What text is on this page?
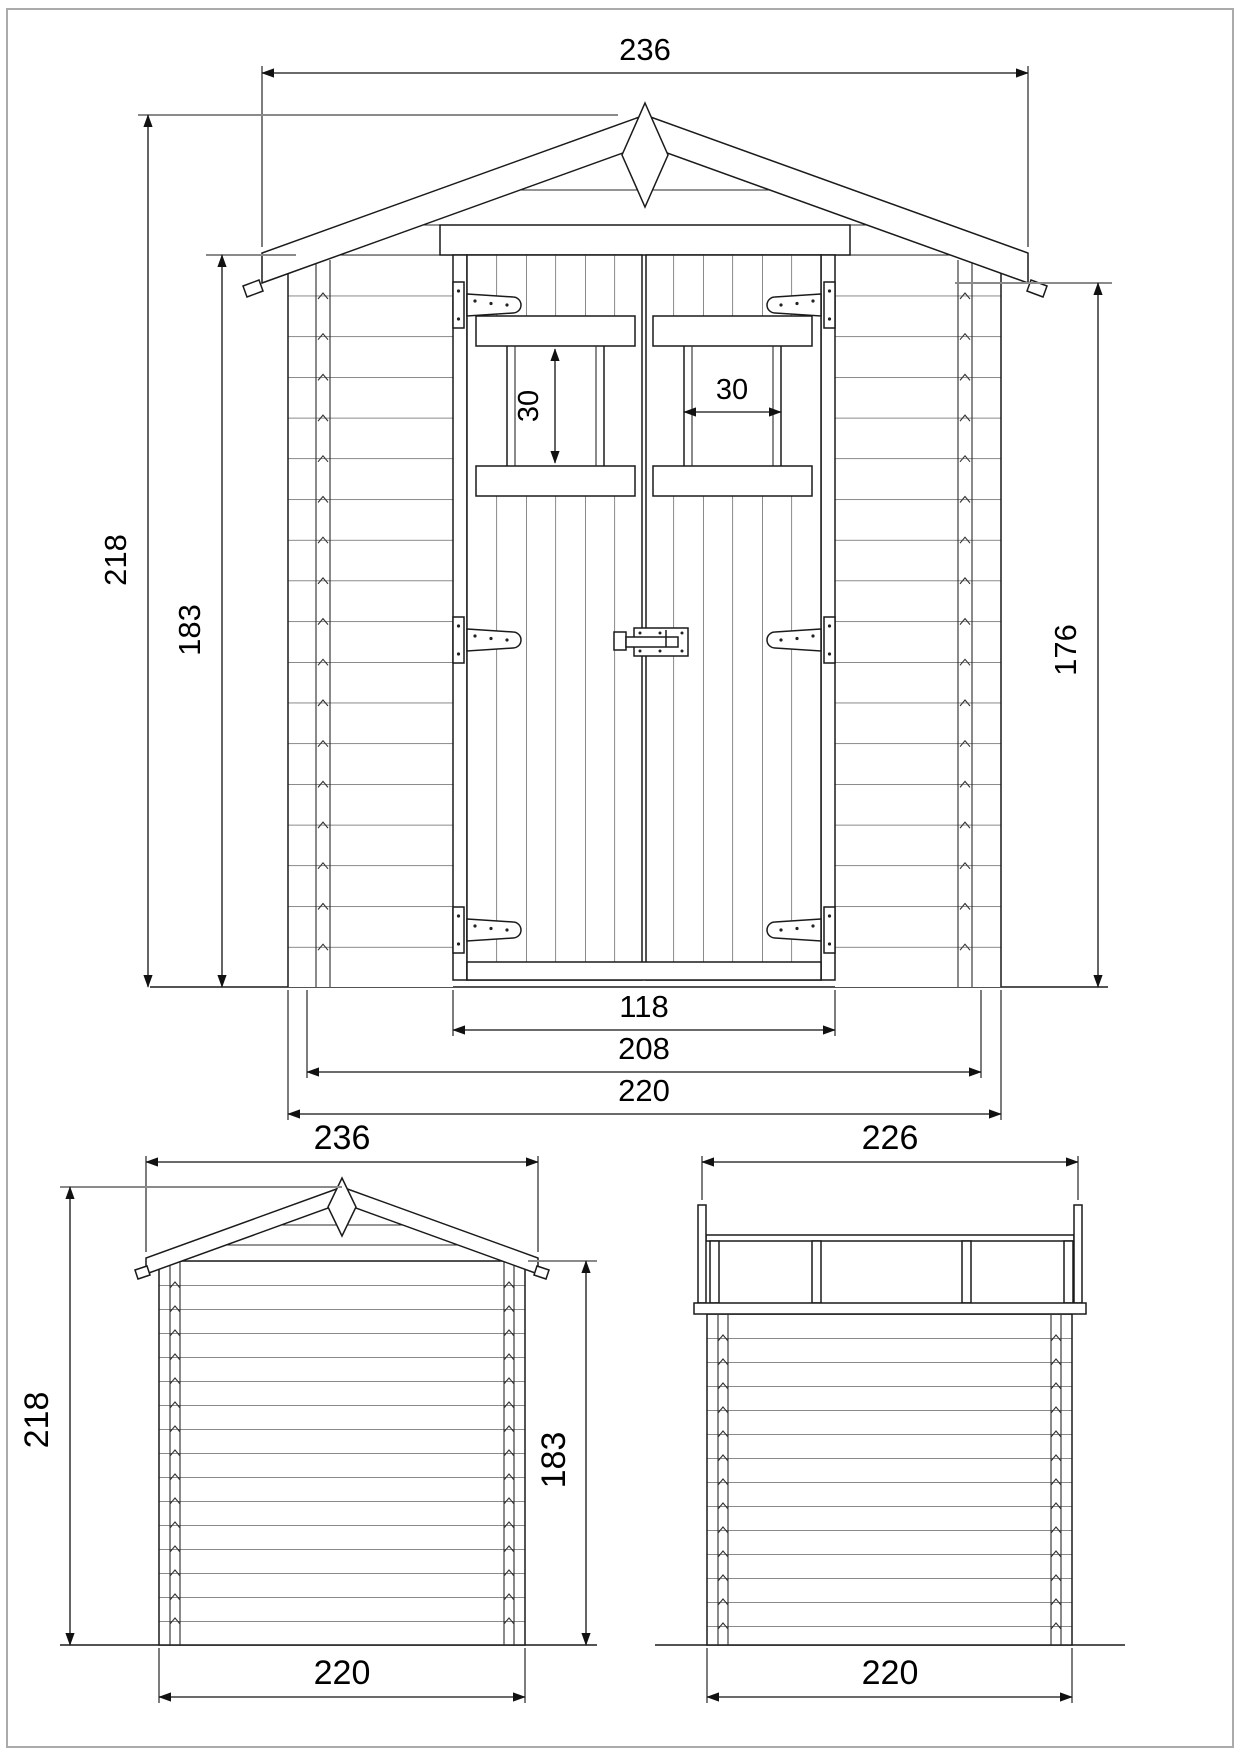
236
218
183	176
30	30
118
208
220
236
218
183
220
226
220
